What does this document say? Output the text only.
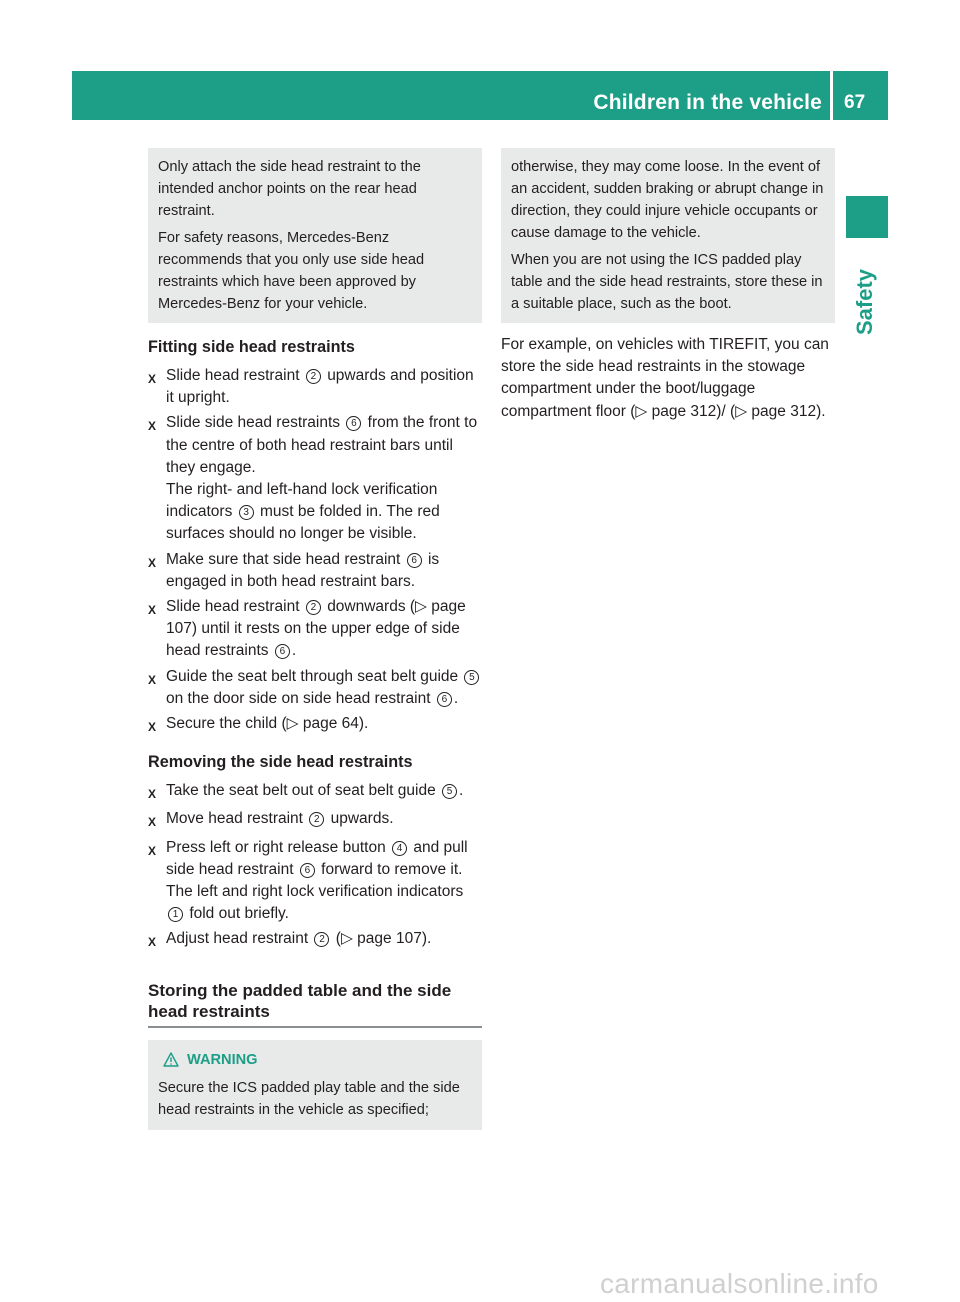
Children in the vehicle 67
Safety

Only attach the side head restraint to the intended anchor points on the rear head restraint.

For safety reasons, Mercedes-Benz recommends that you only use side head restraints which have been approved by Mercedes-Benz for your vehicle.

Fitting side head restraints
X Slide head restraint 2 upwards and position it upright.
X Slide side head restraints 6 from the front to the centre of both head restraint bars until they engage.
The right- and left-hand lock verification indicators 3 must be folded in. The red surfaces should no longer be visible.
X Make sure that side head restraint 6 is engaged in both head restraint bars.
X Slide head restraint 2 downwards (▷ page 107) until it rests on the upper edge of side head restraints 6 .
X Guide the seat belt through seat belt guide 5 on the door side on side head restraint 6 .
X Secure the child (▷ page 64).
Removing the side head restraints
X Take the seat belt out of seat belt guide 5 .
X Move head restraint 2 upwards.
X Press left or right release button 4 and pull side head restraint 6 forward to remove it.
The left and right lock verification indicators 1 fold out briefly.
X Adjust head restraint 2 (▷ page 107).
Storing the padded table and the side head restraints
WARNING

Secure the ICS padded play table and the side head restraints in the vehicle as specified;

otherwise, they may come loose. In the event of an accident, sudden braking or abrupt change in direction, they could injure vehicle occupants or cause damage to the vehicle.

When you are not using the ICS padded play table and the side head restraints, store these in a suitable place, such as the boot.

For example, on vehicles with TIREFIT, you can store the side head restraints in the stowage compartment under the boot/luggage compartment floor (▷ page 312)/ (▷ page 312).

carmanualsonline.info
